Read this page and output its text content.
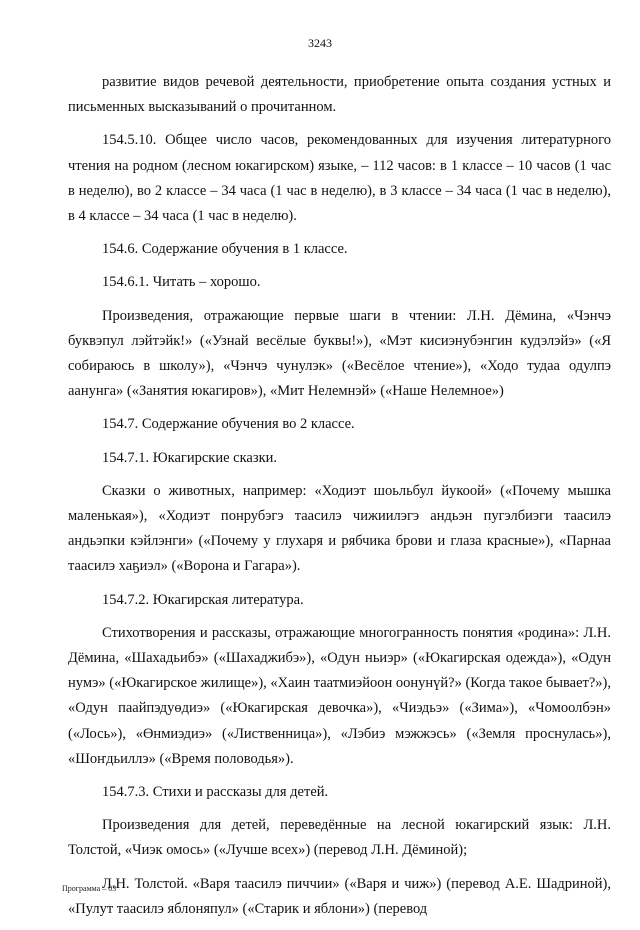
3243

развитие видов речевой деятельности, приобретение опыта создания устных и письменных высказываний о прочитанном.

154.5.10. Общее число часов, рекомендованных для изучения литературного чтения на родном (лесном юкагирском) языке, – 112 часов: в 1 классе – 10 часов (1 час в неделю), во 2 классе – 34 часа (1 час в неделю), в 3 классе – 34 часа (1 час в неделю), в 4 классе – 34 часа (1 час в неделю).

154.6. Содержание обучения в 1 классе.

154.6.1. Читать – хорошо.

Произведения, отражающие первые шаги в чтении: Л.Н. Дёмина, «Чэнчэ буквэпул лэйтэйк!» («Узнай весёлые буквы!»), «Мэт кисиэнубэнгин кудэлэйэ» («Я собираюсь в школу»), «Чэнчэ чунулэк» («Весёлое чтение»), «Ходо тудаа одулпэ аанунга» («Занятия юкагиров»), «Мит Нелемнэй» («Наше Нелемное»)

154.7. Содержание обучения во 2 классе.

154.7.1. Юкагирские сказки.

Сказки о животных, например: «Ходиэт шоьльбул йукоой» («Почему мышка маленькая»), «Ходиэт понрубэгэ таасилэ чижиилэгэ андьэн пугэлбиэги таасилэ андьэпки кэйлэнги» («Почему у глухаря и рябчика брови и глаза красные»), «Парнаа таасилэ хаҕиэл» («Ворона и Гагара»).

154.7.2. Юкагирская литература.

Стихотворения и рассказы, отражающие многогранность понятия «родина»: Л.Н. Дёмина, «Шахадьибэ» («Шахаджибэ»), «Одун ньиэр» («Юкагирская одежда»), «Одун нумэ» («Юкагирское жилище»), «Хаин таатмиэйоон оонунүй?» (Когда такое бывает?»), «Одун паайпэдуөдиэ» («Юкагирская девочка»), «Чиэдьэ» («Зима»), «Чомоолбэн» («Лось»), «Өнмиэдиэ» («Лиственница»), «Лэбиэ мэжжэсь» («Земля проснулась»), «Шоҥдьиллэ» («Время половодья»).

154.7.3. Стихи и рассказы для детей.

Произведения для детей, переведённые на лесной юкагирский язык: Л.Н. Толстой, «Чиэк омось» («Лучше всех») (перевод Л.Н. Дёминой);

Л.Н. Толстой. «Варя таасилэ пиччии» («Варя и чиж») (перевод А.Е. Шадриной), «Пулут таасилэ яблоняпул» («Старик и яблони») (перевод

Программа – 03
